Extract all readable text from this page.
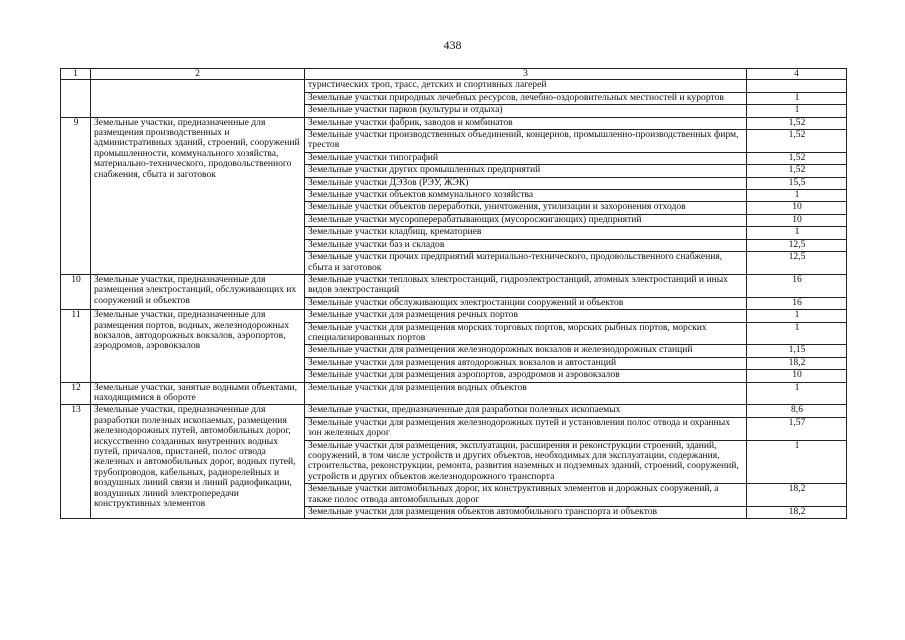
438
1	2	3	4
		туристических троп, трасс, детских и спортивных лагерей	
		Земельные участки природных лечебных ресурсов, лечебно-оздоровительных местностей и курортов	1
		Земельные участки парков (культуры и отдыха)	1
9	Земельные участки, предназначенные для размещения производственных и административных зданий, строений, сооружений промышленности, коммунального хозяйства, материально-технического, продовольственного снабжения, сбыта и заготовок	Земельные участки фабрик, заводов и комбинатов	1,52
		Земельные участки производственных объединений, концернов, промышленно-производственных фирм, трестов	1,52
		Земельные участки типографий	1,52
		Земельные участки других промышленных предприятий	1,52
		Земельные участки ДЭЗов (РЭУ, ЖЭК)	15,5
		Земельные участки объектов коммунального хозяйства	1
		Земельные участки объектов переработки, уничтожения, утилизации и захоронения отходов	10
		Земельные участки мусороперерабатывающих (мусоросжигающих) предприятий	10
		Земельные участки кладбищ, крематориев	1
		Земельные участки баз и складов	12,5
		Земельные участки прочих предприятий материально-технического, продовольственного снабжения, сбыта и заготовок	12,5
10	Земельные участки, предназначенные для размещения электростанций, обслуживающих их сооружений и объектов	Земельные участки тепловых электростанций, гидроэлектростанций, атомных электростанций и иных видов электростанций	16
		Земельные участки обслуживающих электростанции сооружений и объектов	16
11	Земельные участки, предназначенные для размещения портов, водных, железнодорожных вокзалов, автодорожных вокзалов, аэропортов, аэродромов, аэровокзалов	Земельные участки для размещения речных портов	1
		Земельные участки для размещения морских торговых портов, морских рыбных портов, морских специализированных портов	1
		Земельные участки для размещения железнодорожных вокзалов и железнодорожных станций	1,15
		Земельные участки для размещения автодорожных вокзалов и автостанций	18,2
		Земельные участки для размещения аэропортов, аэродромов и аэровокзалов	10
12	Земельные участки, занятые водными объектами, находящимися в обороте	Земельные участки для размещения водных объектов	1
13	Земельные участки, предназначенные для разработки полезных ископаемых, размещения железнодорожных путей, автомобильных дорог, искусственно созданных внутренних водных путей, причалов, пристаней, полос отвода железных и автомобильных дорог, водных путей, трубопроводов, кабельных, радиорелейных и воздушных линий связи и линий радиофикации, воздушных линий электропередачи конструктивных элементов	Земельные участки, предназначенные для разработки полезных ископаемых	8,6
		Земельные участки для размещения железнодорожных путей и установления полос отвода и охранных зон железных дорог	1,57
		Земельные участки для размещения, эксплуатации, расширения и реконструкции строений, зданий, сооружений, в том числе устройств и других объектов, необходимых для эксплуатации, содержания, строительства, реконструкции, ремонта, развития наземных и подземных зданий, строений, сооружений, устройств и других объектов железнодорожного транспорта	1
		Земельные участки автомобильных дорог, их конструктивных элементов и дорожных сооружений, а также полос отвода автомобильных дорог	18,2
		Земельные участки для размещения объектов автомобильного транспорта и объектов	18,2
